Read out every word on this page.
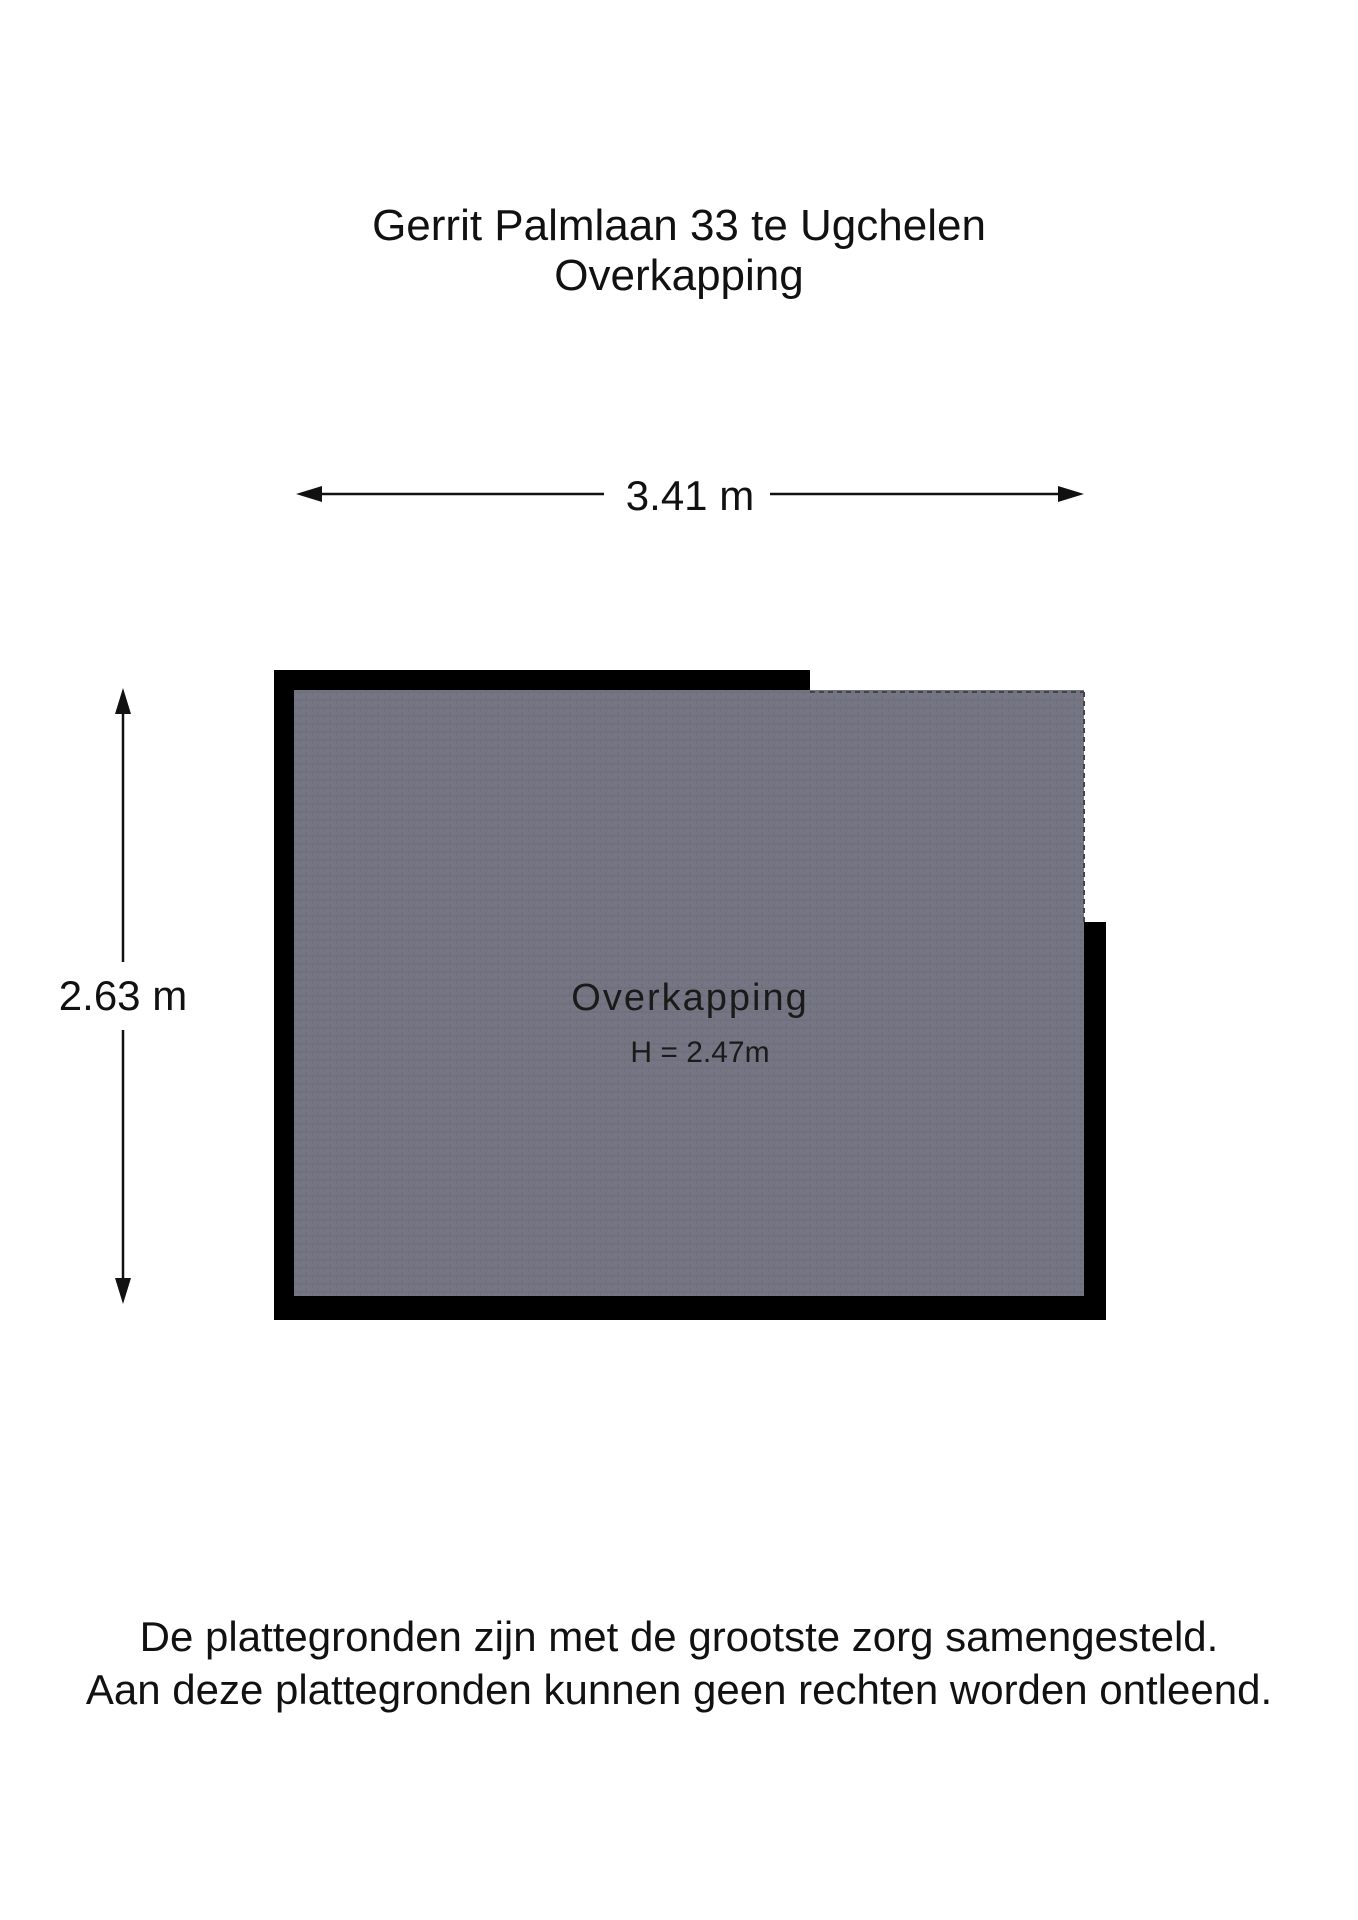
Gerrit Palmlaan 33 te Ugchelen
Overkapping
3.41 m
2.63 m	Overkapping
H = 2.47m
De plattegronden zijn met de grootste zorg samengesteld.
Aan deze plattegronden kunnen geen rechten worden ontleend.
